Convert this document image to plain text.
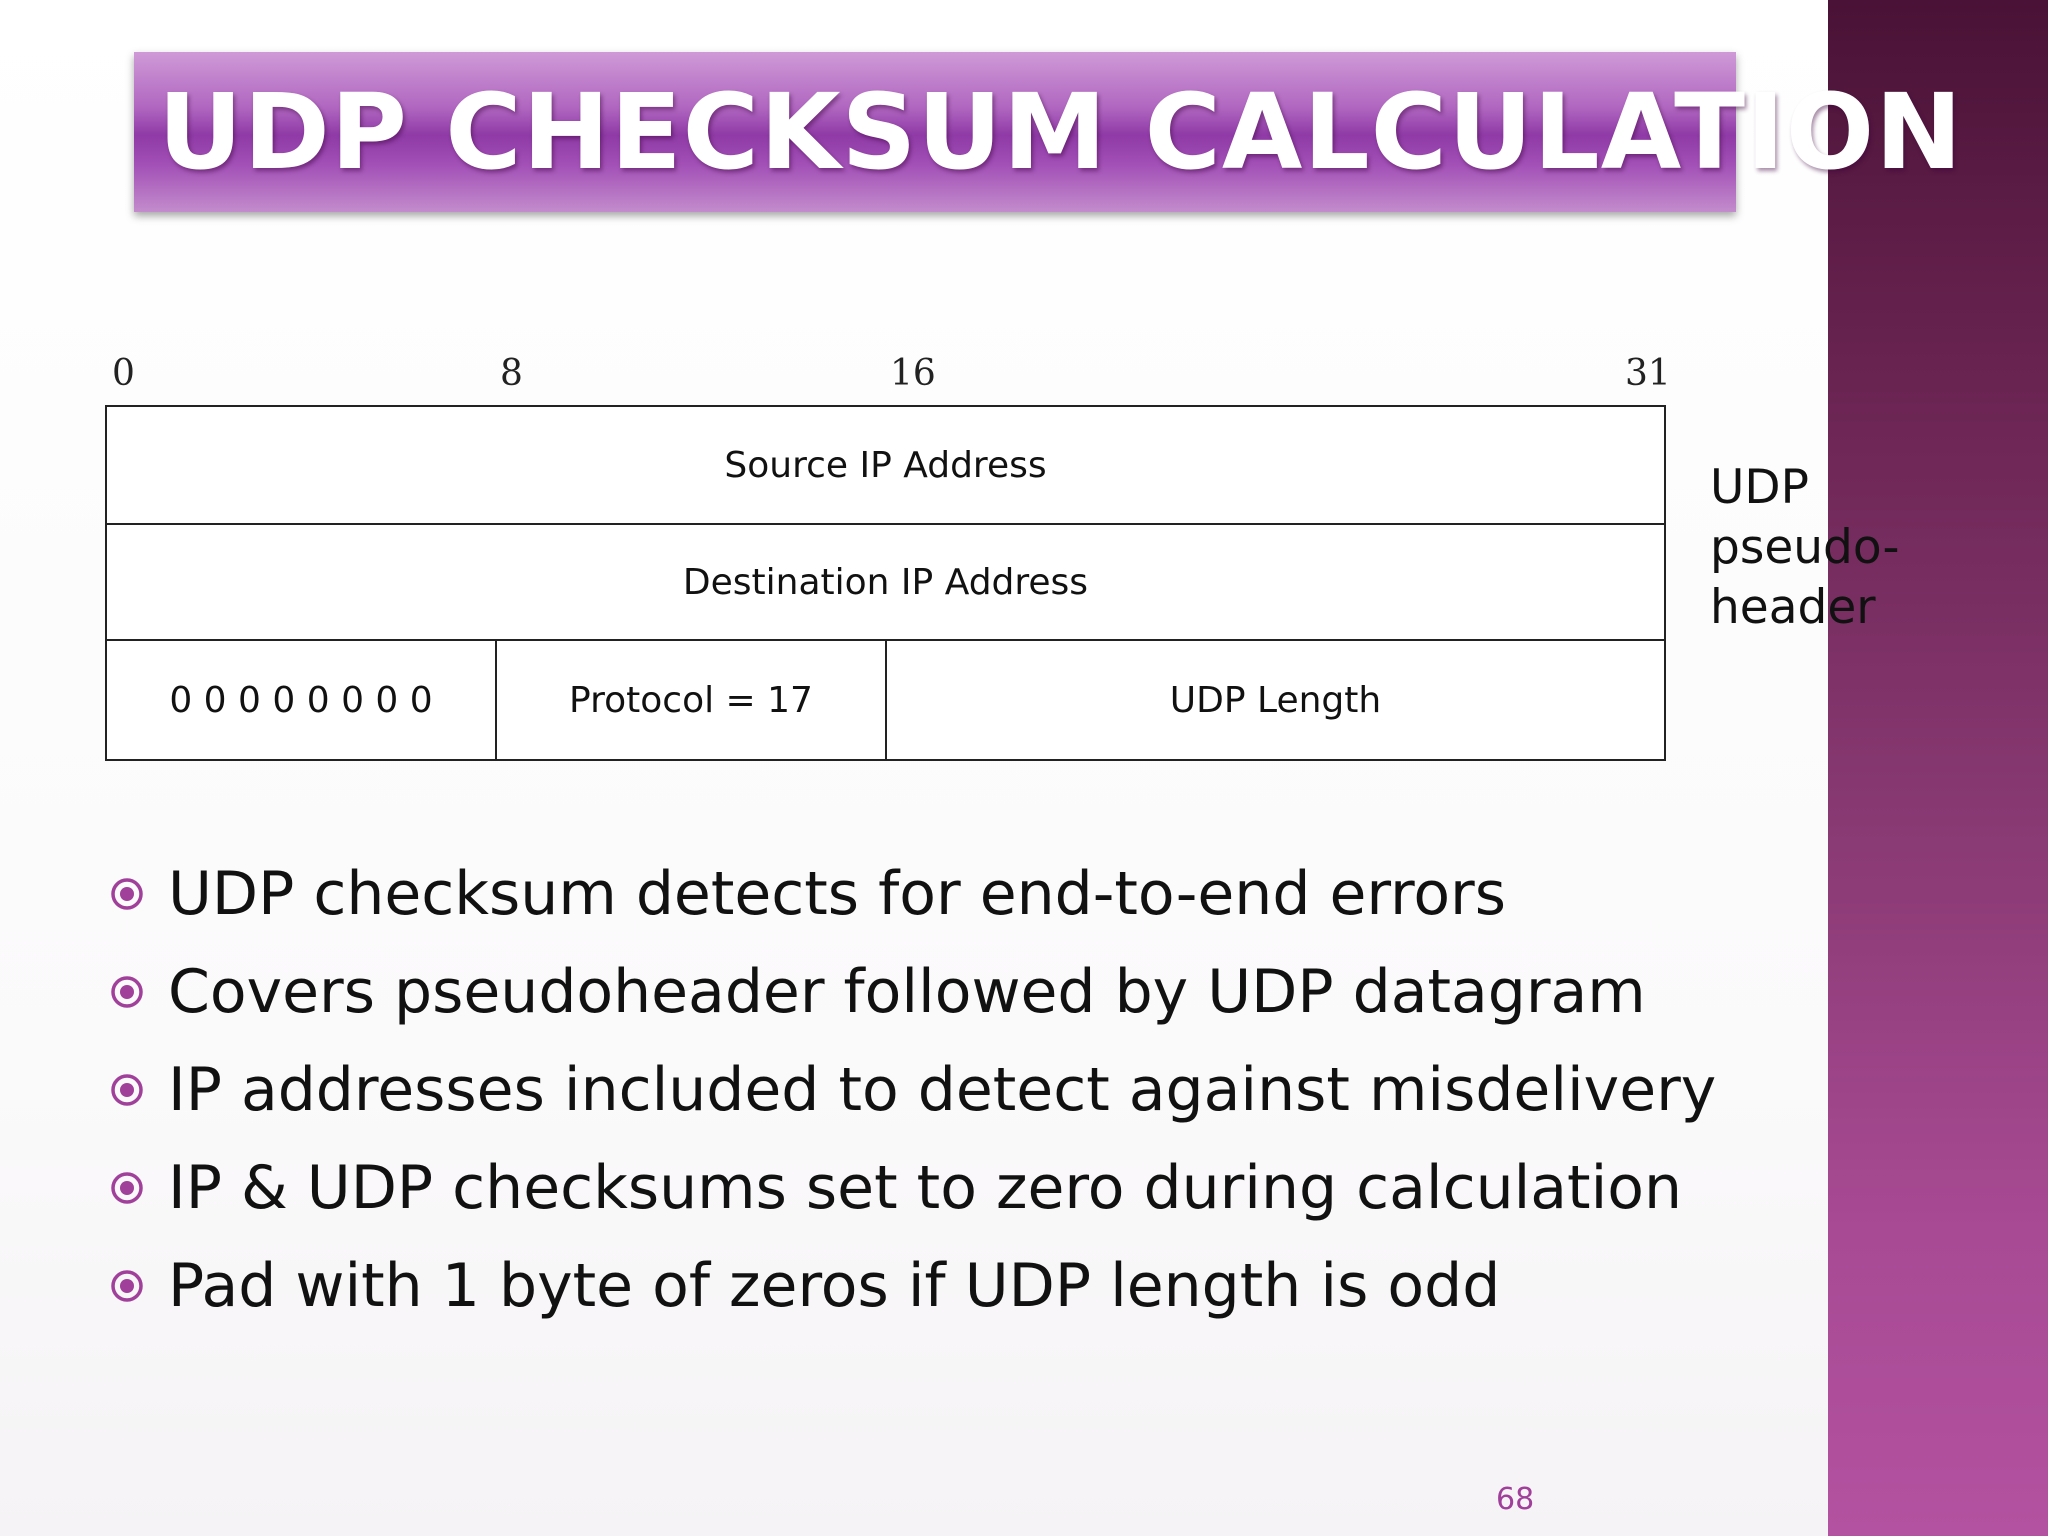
UDP CHECKSUM CALCULATION
0	8	16	31
Source IP Address
Destination IP Address
0 0 0 0 0 0 0 0	Protocol = 17	UDP Length
UDP
pseudo-
header
UDP checksum detects for end-to-end errors
Covers pseudoheader followed by UDP datagram
IP addresses included to detect against misdelivery
IP & UDP checksums set to zero during calculation
Pad with 1 byte of zeros if UDP length is odd
68
